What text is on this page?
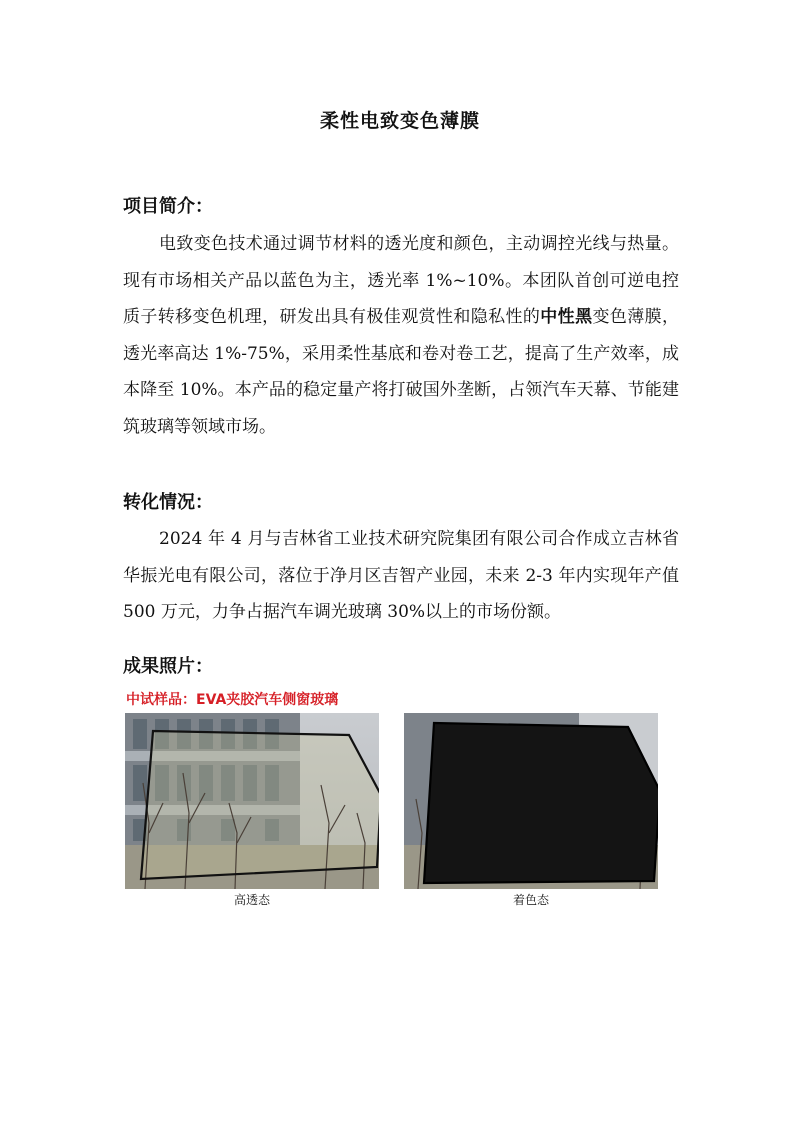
柔性电致变色薄膜
项目简介：

电致变色技术通过调节材料的透光度和颜色，主动调控光线与热量。现有市场相关产品以蓝色为主，透光率 1%~10%。本团队首创可逆电控质子转移变色机理，研发出具有极佳观赏性和隐私性的中性黑变色薄膜，透光率高达 1%-75%，采用柔性基底和卷对卷工艺，提高了生产效率，成本降至 10%。本产品的稳定量产将打破国外垄断，占领汽车天幕、节能建筑玻璃等领域市场。

转化情况：

2024 年 4 月与吉林省工业技术研究院集团有限公司合作成立吉林省华振光电有限公司，落位于净月区吉智产业园，未来 2-3 年内实现年产值 500 万元，力争占据汽车调光玻璃 30%以上的市场份额。

成果照片：
中试样品：EVA夹胶汽车侧窗玻璃
高透态	着色态
